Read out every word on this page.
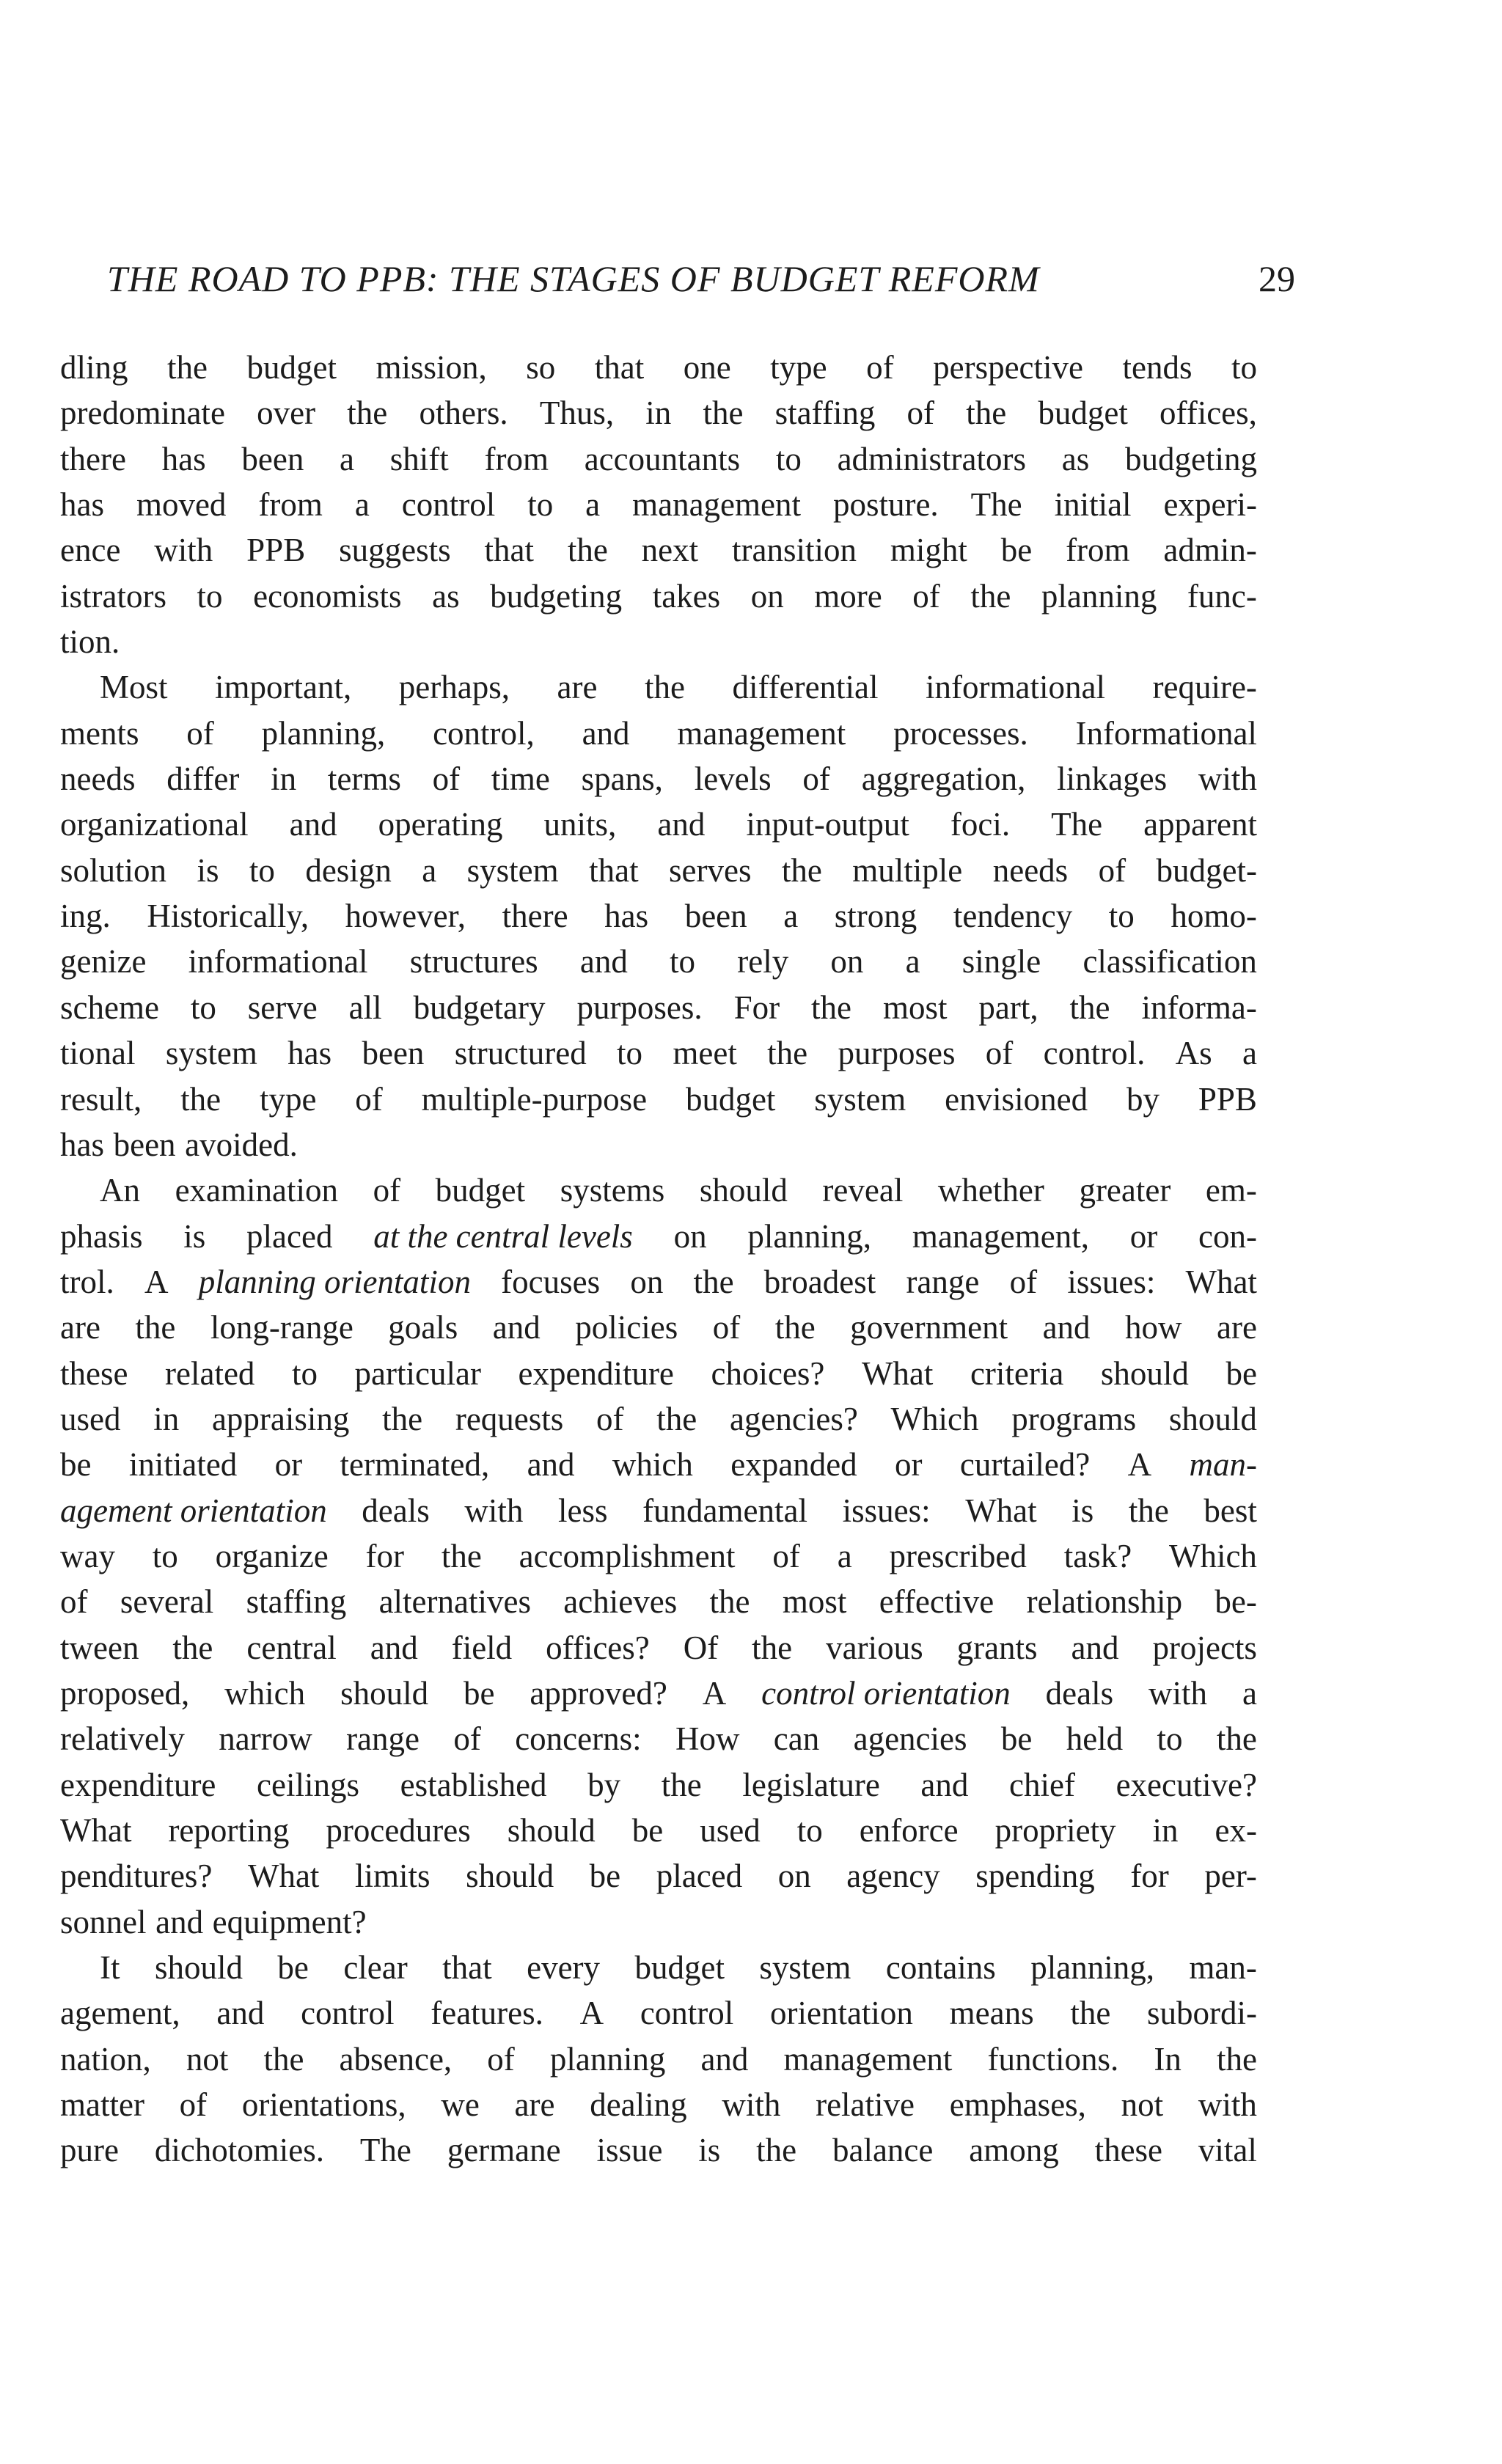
THE ROAD TO PPB: THE STAGES OF BUDGET REFORM	29
dling the budget mission, so that one type of perspective tends to
predominate over the others. Thus, in the staffing of the budget offices,
there has been a shift from accountants to administrators as budgeting
has moved from a control to a management posture. The initial experi-
ence with PPB suggests that the next transition might be from admin-
istrators to economists as budgeting takes on more of the planning func-
tion.
Most important, perhaps, are the differential informational require-
ments of planning, control, and management processes. Informational
needs differ in terms of time spans, levels of aggregation, linkages with
organizational and operating units, and input-output foci. The apparent
solution is to design a system that serves the multiple needs of budget-
ing. Historically, however, there has been a strong tendency to homo-
genize informational structures and to rely on a single classification
scheme to serve all budgetary purposes. For the most part, the informa-
tional system has been structured to meet the purposes of control. As a
result, the type of multiple-purpose budget system envisioned by PPB
has been avoided.
An examination of budget systems should reveal whether greater em-
phasis is placed at the central levels on planning, management, or con-
trol. A planning orientation focuses on the broadest range of issues: What
are the long-range goals and policies of the government and how are
these related to particular expenditure choices? What criteria should be
used in appraising the requests of the agencies? Which programs should
be initiated or terminated, and which expanded or curtailed? A man-
agement orientation deals with less fundamental issues: What is the best
way to organize for the accomplishment of a prescribed task? Which
of several staffing alternatives achieves the most effective relationship be-
tween the central and field offices? Of the various grants and projects
proposed, which should be approved? A control orientation deals with a
relatively narrow range of concerns: How can agencies be held to the
expenditure ceilings established by the legislature and chief executive?
What reporting procedures should be used to enforce propriety in ex-
penditures? What limits should be placed on agency spending for per-
sonnel and equipment?
It should be clear that every budget system contains planning, man-
agement, and control features. A control orientation means the subordi-
nation, not the absence, of planning and management functions. In the
matter of orientations, we are dealing with relative emphases, not with
pure dichotomies. The germane issue is the balance among these vital
